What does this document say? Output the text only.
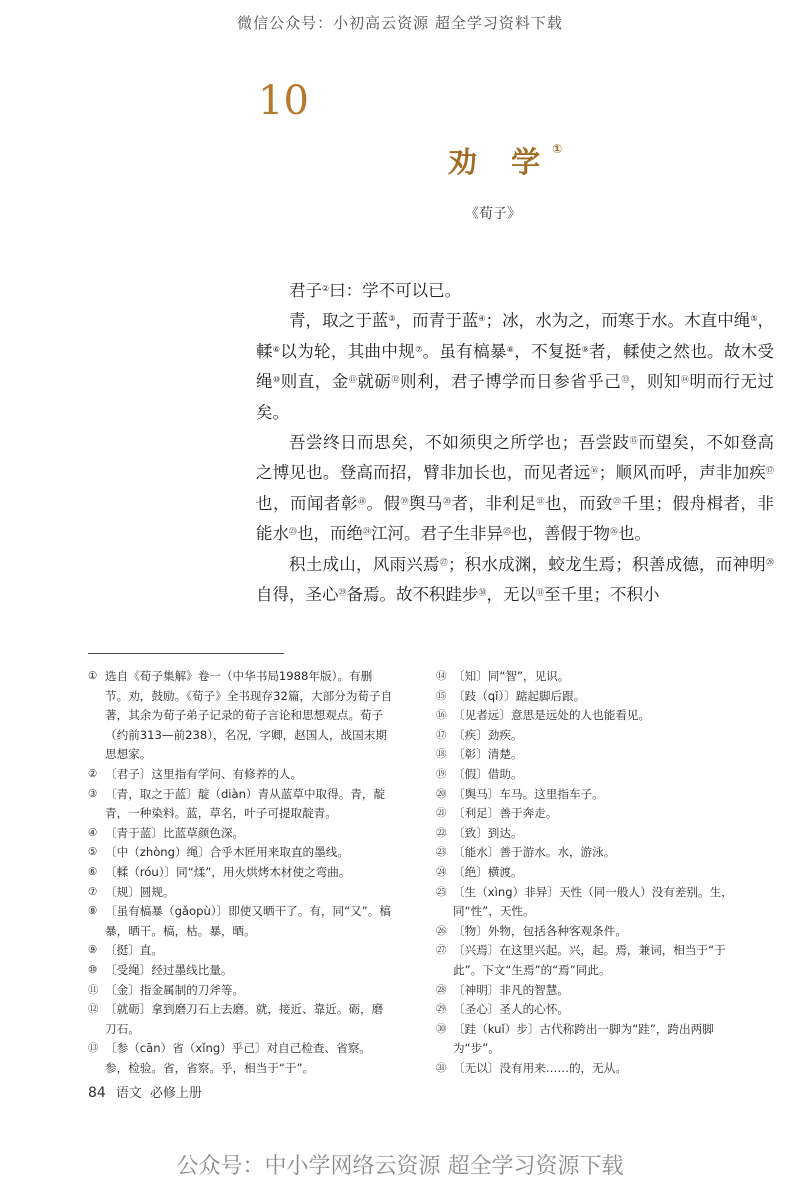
微信公众号：小初高云资源 超全学习资料下载
10
劝 学①
《荀子》

君子②曰：学不可以已。

青，取之于蓝③，而青于蓝④；冰，水为之，而寒于水。木直中绳⑤，輮⑥以为轮，其曲中规⑦。虽有槁暴⑧，不复挺⑨者，輮使之然也。故木受绳⑩则直，金⑪就砺⑫则利，君子博学而日参省乎己⑬，则知⑭明而行无过矣。

吾尝终日而思矣，不如须臾之所学也；吾尝跂⑮而望矣，不如登高之博见也。登高而招，臂非加长也，而见者远⑯；顺风而呼，声非加疾⑰也，而闻者彰⑱。假⑲舆马⑳者，非利足$^㉑$也，而致$^㉒$千里；假舟楫者，非能水$^㉓$也，而绝$^㉔$江河。君子生非异$^㉕$也，善假于物$^㉖$也。

积土成山，风雨兴焉$^㉗$；积水成渊，蛟龙生焉；积善成德，而神明$^㉘$自得，圣心$^㉙$备焉。故不积跬步$^㉚$，无以$^㉛$至千里；不积小

① 选自《荀子集解》卷一（中华书局1988年版）。有删节。劝，鼓励。《荀子》全书现存32篇，大部分为荀子自著，其余为荀子弟子记录的荀子言论和思想观点。荀子（约前313—前238），名况，字卿，赵国人，战国末期思想家。
② 〔君子〕这里指有学问、有修养的人。
③ 〔青，取之于蓝〕靛（diàn）青从蓝草中取得。青，靛青，一种染料。蓝，草名，叶子可提取靛青。
④ 〔青于蓝〕比蓝草颜色深。
⑤ 〔中（zhòng）绳〕合乎木匠用来取直的墨线。
⑥ 〔輮（róu）〕同“煣”，用火烘烤木材使之弯曲。
⑦ 〔规〕圆规。
⑧ 〔虽有槁暴（gǎopù）〕即使又晒干了。有，同“又”。槁暴，晒干。槁，枯。暴，晒。
⑨ 〔挺〕直。
⑩ 〔受绳〕经过墨线比量。
⑪ 〔金〕指金属制的刀斧等。
⑫ 〔就砺〕拿到磨刀石上去磨。就，接近、靠近。砺，磨刀石。
⑬ 〔参（cān）省（xǐng）乎己〕对自己检查、省察。参，检验。省，省察。乎，相当于“于”。
⑭ 〔知〕同“智”，见识。
⑮ 〔跂（qǐ）〕踮起脚后跟。
⑯ 〔见者远〕意思是远处的人也能看见。
⑰ 〔疾〕劲疾。
⑱ 〔彰〕清楚。
⑲ 〔假〕借助。
⑳ 〔舆马〕车马。这里指车子。
㉑ 〔利足〕善于奔走。
㉒ 〔致〕到达。
㉓ 〔能水〕善于游水。水，游泳。
㉔ 〔绝〕横渡。
㉕ 〔生（xìng）非异〕天性（同一般人）没有差别。生，同“性”，天性。
㉖ 〔物〕外物，包括各种客观条件。
㉗ 〔兴焉〕在这里兴起。兴，起。焉，兼词，相当于“于此”。下文“生焉”的“焉”同此。
㉘ 〔神明〕非凡的智慧。
㉙ 〔圣心〕圣人的心怀。
㉚ 〔跬（kuǐ）步〕古代称跨出一脚为“跬”，跨出两脚为“步”。
㉛ 〔无以〕没有用来……的，无从。
84 语文 必修上册
公众号：中小学网络云资源 超全学习资源下载
